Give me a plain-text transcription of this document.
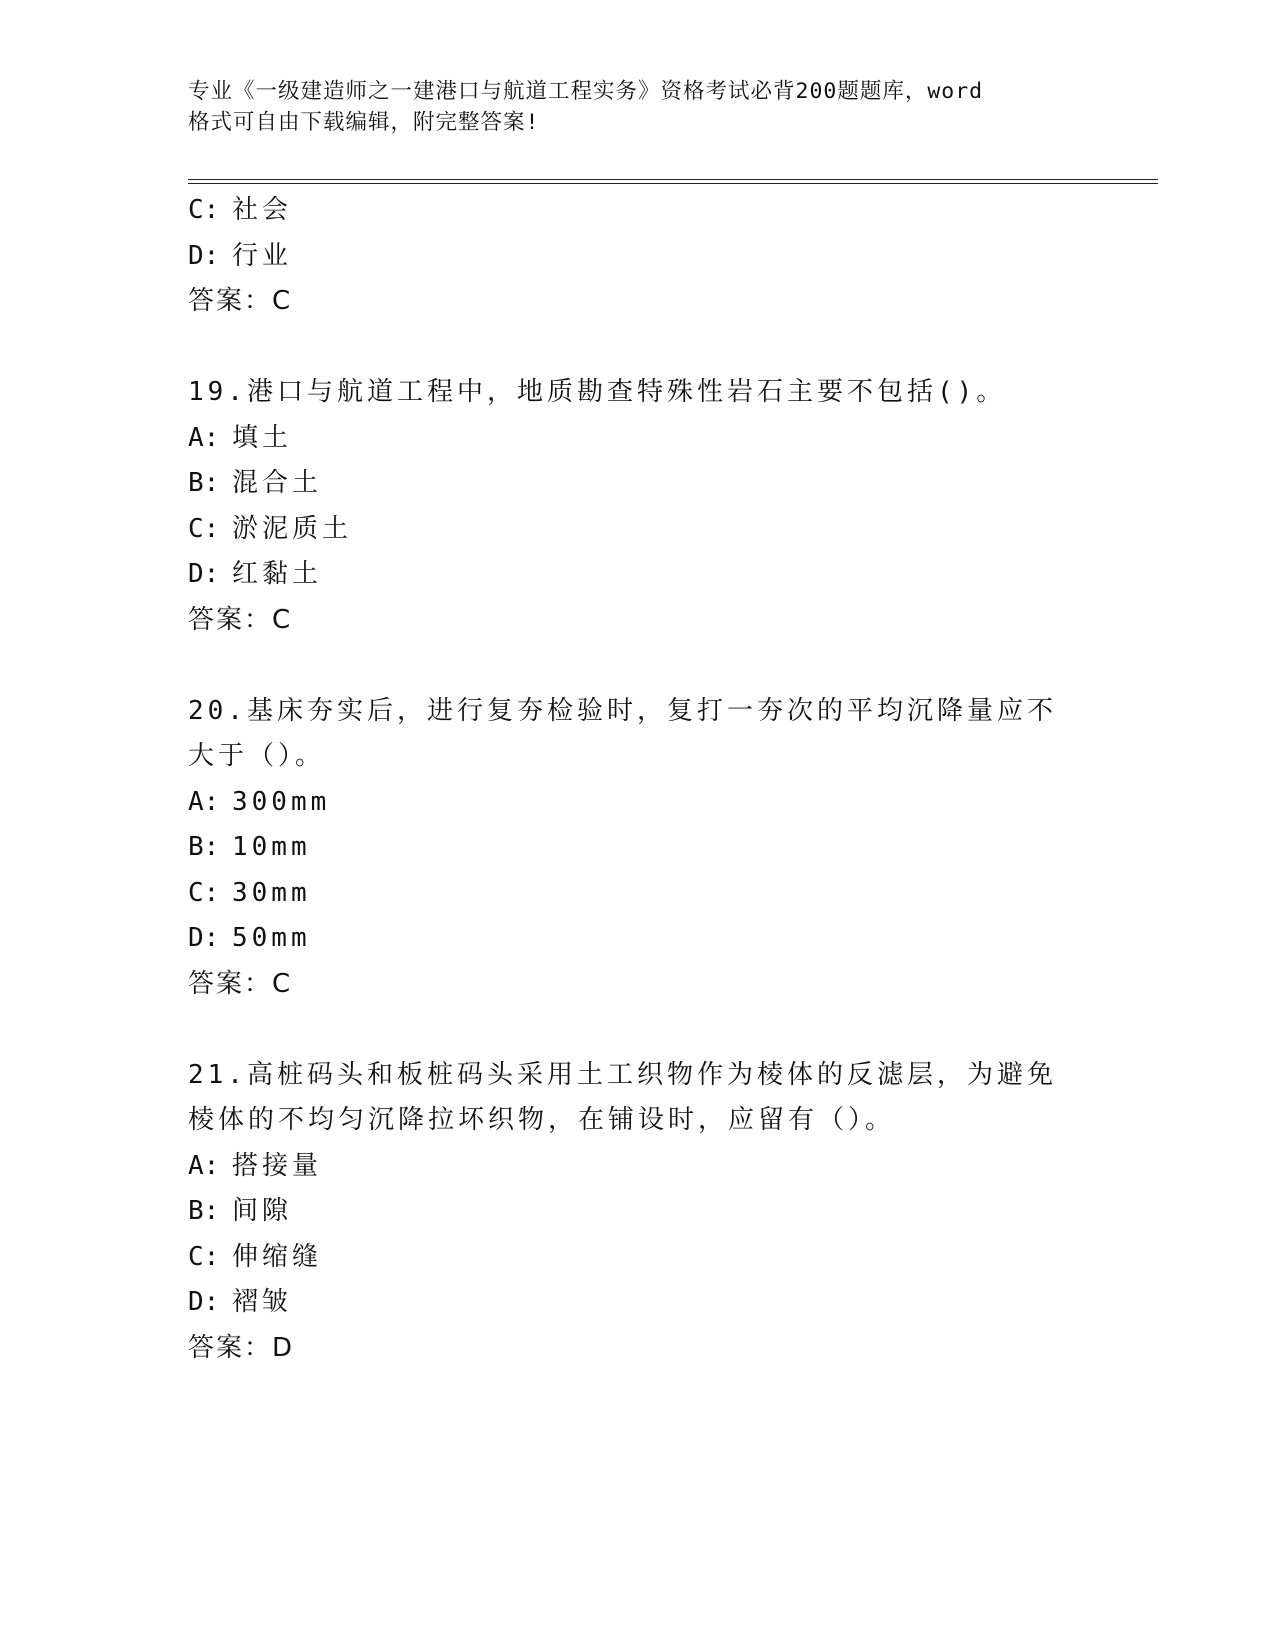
专业《一级建造师之一建港口与航道工程实务》资格考试必背200题题库，word
格式可自由下载编辑，附完整答案!
C: 社会
D: 行业
答案：C
19.港口与航道工程中，地质勘查特殊性岩石主要不包括()。
A: 填土
B: 混合土
C: 淤泥质土
D: 红黏土
答案：C
20.基床夯实后，进行复夯检验时，复打一夯次的平均沉降量应不大于（）。
A: 300mm
B: 10mm
C: 30mm
D: 50mm
答案：C
21.高桩码头和板桩码头采用土工织物作为棱体的反滤层，为避免棱体的不均匀沉降拉坏织物，在铺设时，应留有（）。
A: 搭接量
B: 间隙
C: 伸缩缝
D: 褶皱
答案：D
